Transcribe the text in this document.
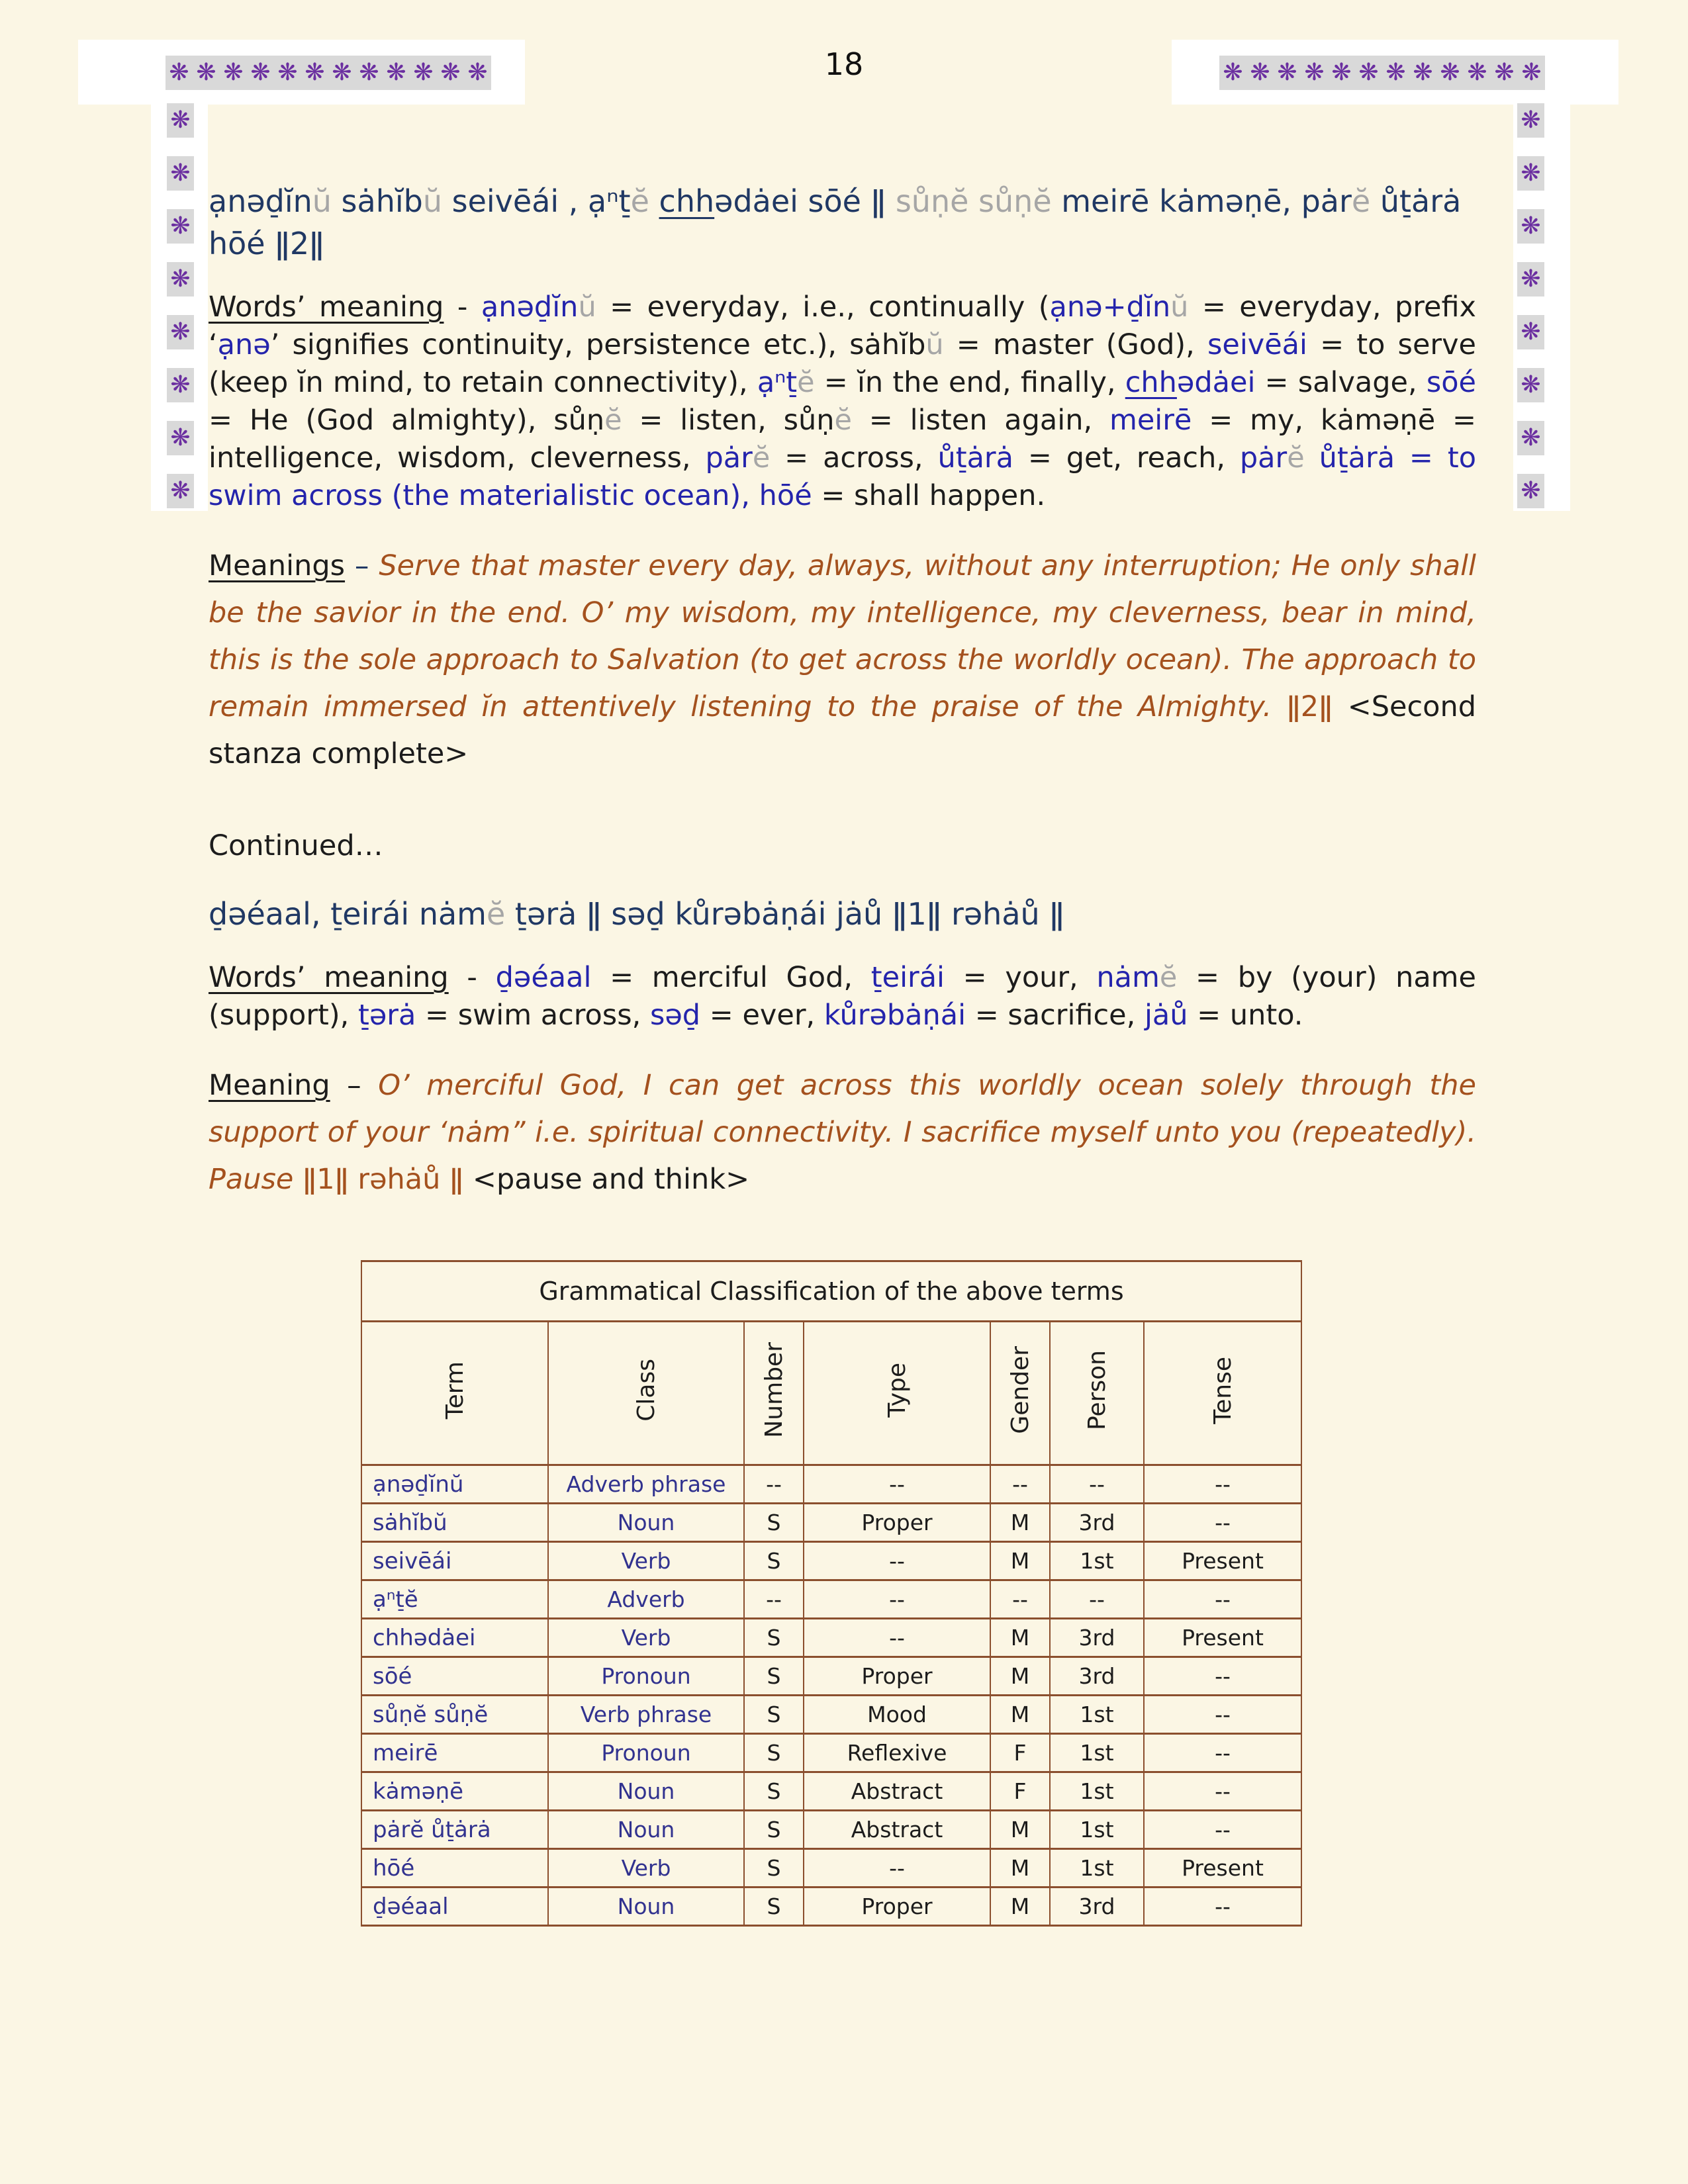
❋ ❋ ❋ ❋ ❋ ❋ ❋ ❋ ❋ ❋ ❋ ❋	❋ ❋ ❋ ❋ ❋ ❋ ❋ ❋ ❋ ❋ ❋ ❋
❋
❋
❋
❋
❋
❋
❋
❋
❋
❋
❋
❋
❋
❋
❋
❋
18

ạnəd̠ĭnŭ sȧhĭbŭ seivēái , ạⁿt̠ĕ chhədȧei sōé ǁ sůṇĕ sůṇĕ meirē kȧməṇē, pȧrĕ ůt̠ȧrȧ hōé ǁ2ǁ

Words’ meaning - ạnəd̠ĭnŭ = everyday, i.e., continually (ạnə+d̠ĭnŭ = everyday, prefix ‘ạnə’ signifies continuity, persistence etc.), sȧhĭbŭ = master (God), seivēái = to serve (keep ĭn mind, to retain connectivity), ạⁿt̠ĕ = ĭn the end, finally, chhədȧei = salvage, sōé = He (God almighty), sůṇĕ = listen, sůṇĕ = listen again, meirē = my, kȧməṇē = intelligence, wisdom, cleverness, pȧrĕ = across, ůt̠ȧrȧ = get, reach, pȧrĕ ůt̠ȧrȧ = to swim across (the materialistic ocean), hōé = shall happen.

Meanings – Serve that master every day, always, without any interruption; He only shall be the savior in the end. O’ my wisdom, my intelligence, my cleverness, bear in mind, this is the sole approach to Salvation (to get across the worldly ocean). The approach to remain immersed ĭn attentively listening to the praise of the Almighty. ǁ2ǁ <Second stanza complete>

Continued…

d̠əéaal, t̠eirái nȧmĕ t̠ərȧ ǁ səd̠ kůrəbȧṇái jȧů ǁ1ǁ rəhȧů ǁ

Words’ meaning - d̠əéaal = merciful God, t̠eirái = your, nȧmĕ = by (your) name (support), t̠ərȧ = swim across, səd̠ = ever, kůrəbȧṇái = sacrifice, jȧů = unto.

Meaning – O’ merciful God, I can get across this worldly ocean solely through the support of your ‘nȧm” i.e. spiritual connectivity. I sacrifice myself unto you (repeatedly). Pause ǁ1ǁ rəhȧů ǁ <pause and think>

Grammatical Classification of the above terms						
Term	Class	Number	Type	Gender	Person	Tense
ạnəd̠ĭnŭ	Adverb phrase	--	--	--	--	--
sȧhĭbŭ	Noun	S	Proper	M	3rd	--
seivēái	Verb	S	--	M	1st	Present
ạⁿt̠ĕ	Adverb	--	--	--	--	--
chhədȧei	Verb	S	--	M	3rd	Present
sōé	Pronoun	S	Proper	M	3rd	--
sůṇĕ sůṇĕ	Verb phrase	S	Mood	M	1st	--
meirē	Pronoun	S	Reflexive	F	1st	--
kȧməṇē	Noun	S	Abstract	F	1st	--
pȧrĕ ůt̠ȧrȧ	Noun	S	Abstract	M	1st	--
hōé	Verb	S	--	M	1st	Present
d̠əéaal	Noun	S	Proper	M	3rd	--
